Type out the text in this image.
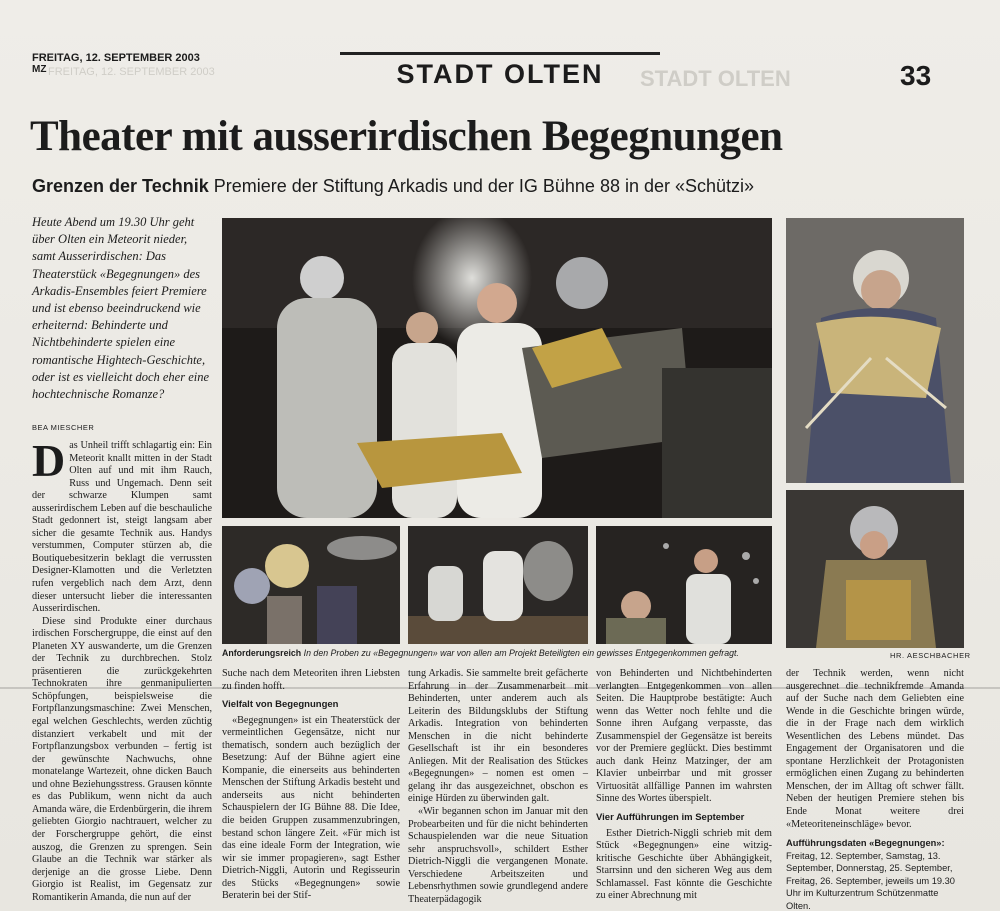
FREITAG, 12. SEPTEMBER 2003	STADT OLTEN
FREITAG, 12. SEPTEMBER 2003
MZ	STADT OLTEN	33
Theater mit ausserirdischen Begegnungen
Grenzen der Technik Premiere der Stiftung Arkadis und der IG Bühne 88 in der «Schützi»
Heute Abend um 19.30 Uhr geht über Olten ein Meteorit nieder, samt Ausserirdischen: Das Theaterstück «Begegnungen» des Arkadis-Ensembles feiert Premiere und ist ebenso beeindruckend wie erheiternd: Behinderte und Nichtbehinderte spielen eine romantische Hightech-Geschichte, oder ist es vielleicht doch eher eine hochtechnische Romanze?
BEA MIESCHER
Anforderungsreich In den Proben zu «Begegnungen» war von allen am Projekt Beteiligten ein gewisses Entgegenkommen gefragt.	HR. AESCHBACHER

Das Unheil trifft schlagartig ein: Ein Meteorit knallt mitten in der Stadt Olten auf und mit ihm Rauch, Russ und Ungemach. Denn seit der schwarze Klumpen samt ausserirdischem Leben auf die beschauliche Stadt gedonnert ist, steigt langsam aber sicher die gesamte Technik aus. Handys verstummen, Computer stürzen ab, die Boutiquebesitzerin beklagt die verrussten Designer-Klamotten und die Verletzten rufen vergeblich nach dem Arzt, denn dieser untersucht lieber die interessanten Ausserirdischen.

Diese sind Produkte einer durchaus irdischen Forschergruppe, die einst auf den Planeten XY auswanderte, um die Grenzen der Technik zu durchbrechen. Stolz präsentieren die zurückgekehrten Technokraten ihre genmanipulierten Schöpfungen, beispielsweise die Fortpflanzungsmaschine: Zwei Menschen, egal welchen Geschlechts, werden züchtig distanziert verkabelt und mit der Fortpflanzungsbox verbunden – fertig ist der gewünschte Nachwuchs, ohne monatelange Wartezeit, ohne dicken Bauch und ohne Beziehungsstress. Grausen könnte es das Publikum, wenn nicht da auch Amanda wäre, die Erdenbürgerin, die ihrem geliebten Giorgio nachtrauert, welcher zu der Forschergruppe gehört, die einst auszog, die Grenzen zu sprengen. Sein Glaube an die Technik war stärker als derjenige an die grosse Liebe. Denn Giorgio ist Realist, im Gegensatz zur Romantikerin Amanda, die nun auf der

Suche nach dem Meteoriten ihren Liebsten zu finden hofft.

Vielfalt von Begegnungen

«Begegnungen» ist ein Theaterstück der vermeintlichen Gegensätze, nicht nur thematisch, sondern auch bezüglich der Besetzung: Auf der Bühne agiert eine Kompanie, die einerseits aus behinderten Menschen der Stiftung Arkadis besteht und anderseits aus nicht behinderten Schauspielern der IG Bühne 88. Die Idee, die beiden Gruppen zusammenzubringen, bestand schon längere Zeit. «Für mich ist das eine ideale Form der Integration, wie wir sie immer propagieren», sagt Esther Dietrich-Niggli, Autorin und Regisseurin des Stücks «Begegnungen» sowie Beraterin bei der Stif-

tung Arkadis. Sie sammelte breit gefächerte Erfahrung in der Zusammenarbeit mit Behinderten, unter anderem auch als Leiterin des Bildungsklubs der Stiftung Arkadis. Integration von behinderten Menschen in die nicht behinderte Gesellschaft ist ihr ein besonderes Anliegen. Mit der Realisation des Stückes «Begegnungen» – nomen est omen – gelang ihr das ausgezeichnet, obschon es einige Hürden zu überwinden galt.

«Wir begannen schon im Januar mit den Probearbeiten und für die nicht behinderten Schauspielenden war die neue Situation sehr anspruchsvoll», schildert Esther Dietrich-Niggli die vergangenen Monate. Verschiedene Arbeitszeiten und Lebensrhythmen sowie grundlegend andere Theaterpädagogik

von Behinderten und Nichtbehinderten verlangten Entgegenkommen von allen Seiten. Die Hauptprobe bestätigte: Auch wenn das Wetter noch fehlte und die Sonne ihren Aufgang verpasste, das Zusammenspiel der Gegensätze ist bereits vor der Premiere geglückt. Dies bestimmt auch dank Heinz Matzinger, der am Klavier unbeirrbar und mit grosser Virtuosität allfällige Pannen im wahrsten Sinne des Wortes überspielt.

Vier Aufführungen im September

Esther Dietrich-Niggli schrieb mit dem Stück «Begegnungen» eine witzig-kritische Geschichte über Abhängigkeit, Starrsinn und den sicheren Weg aus dem Schlamassel. Fast könnte die Geschichte zu einer Abrechnung mit

der Technik werden, wenn nicht ausgerechnet die technikfremde Amanda auf der Suche nach dem Geliebten eine Wende in die Geschichte bringen würde, die in der Frage nach dem wirklich Wesentlichen des Lebens mündet. Das Engagement der Organisatoren und die spontane Herzlichkeit der Protagonisten ermöglichen einen Zugang zu behinderten Menschen, der im Alltag oft schwer fällt. Neben der heutigen Premiere stehen bis Ende Monat weitere drei «Meteoriteneinschläge» bevor.

Aufführungsdaten «Begegnungen»: Freitag, 12. September, Samstag, 13. September, Donnerstag, 25. September, Freitag, 26. September, jeweils um 19.30 Uhr im Kulturzentrum Schützenmatte Olten.
